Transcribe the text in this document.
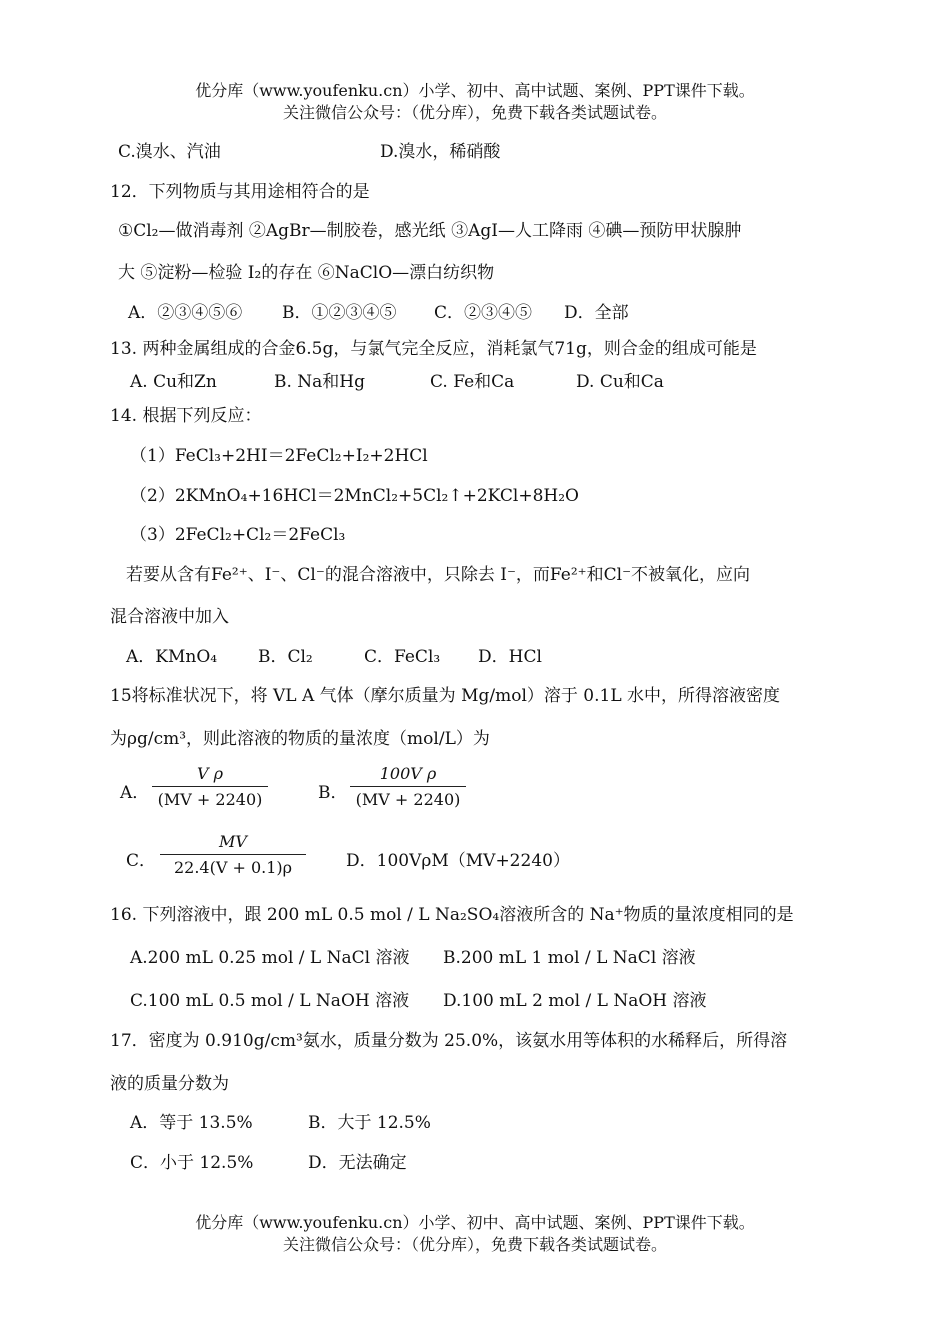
优分库（www.youfenku.cn）小学、初中、高中试题、案例、PPT课件下载。
关注微信公众号：（优分库），免费下载各类试题试卷。
C.溴水、汽油	D.溴水，稀硝酸
12．下列物质与其用途相符合的是
①Cl₂—做消毒剂 ②AgBr—制胶卷，感光纸 ③AgI—人工降雨 ④碘—预防甲状腺肿
大 ⑤淀粉—检验 I₂的存在 ⑥NaClO—漂白纺织物
A．②③④⑤⑥ B．①②③④⑤ C．②③④⑤ D．全部
13. 两种金属组成的合金6.5g，与氯气完全反应，消耗氯气71g，则合金的组成可能是
A. Cu和Zn	B. Na和Hg	C. Fe和Ca	D. Cu和Ca
14. 根据下列反应：
（1）FeCl₃+2HI＝2FeCl₂+I₂+2HCl
（2）2KMnO₄+16HCl＝2MnCl₂+5Cl₂↑+2KCl+8H₂O
（3）2FeCl₂+Cl₂＝2FeCl₃
若要从含有Fe²⁺、I⁻、Cl⁻的混合溶液中，只除去 I⁻，而Fe²⁺和Cl⁻不被氧化，应向
混合溶液中加入
A．KMnO₄ B．Cl₂	C．FeCl₃ D．HCl
15将标准状况下，将 VL A 气体（摩尔质量为 Mg/mol）溶于 0.1L 水中，所得溶液密度
为ρg/cm³，则此溶液的物质的量浓度（mol/L）为
A．
V ρ
(MV + 2240)	B．
100V ρ
(MV + 2240)
C．
MV
22.4(V + 0.1)ρ	D．100VρM（MV+2240）
16. 下列溶液中，跟 200 mL 0.5 mol / L Na₂SO₄溶液所含的 Na⁺物质的量浓度相同的是
A.200 mL 0.25 mol / L NaCl 溶液 B.200 mL 1 mol / L NaCl 溶液
C.100 mL 0.5 mol / L NaOH 溶液 D.100 mL 2 mol / L NaOH 溶液
17．密度为 0.910g/cm³氨水，质量分数为 25.0%，该氨水用等体积的水稀释后，所得溶
液的质量分数为
A．等于 13.5%	B．大于 12.5%
C．小于 12.5%	D．无法确定
优分库（www.youfenku.cn）小学、初中、高中试题、案例、PPT课件下载。
关注微信公众号：（优分库），免费下载各类试题试卷。
